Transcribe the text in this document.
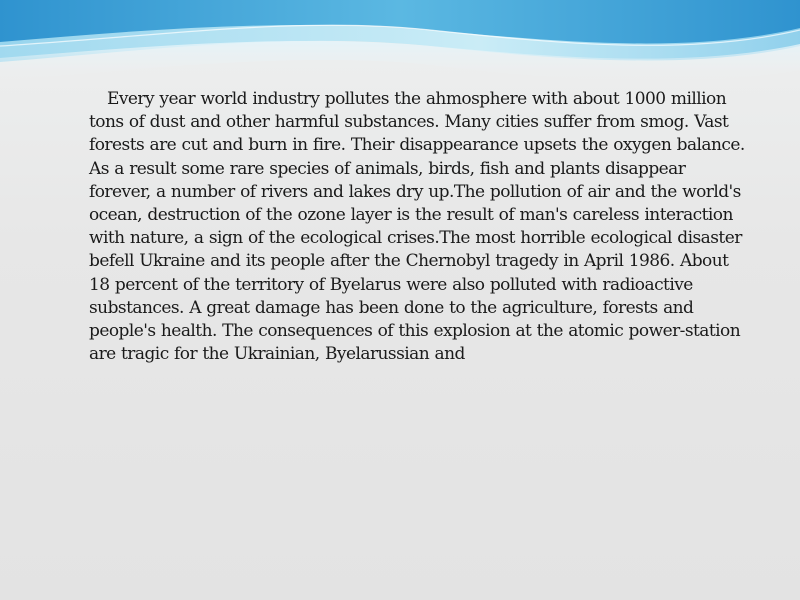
Every year world industry pollutes the ahmosphere with about 1000 million tons of dust and other harmful substances. Many cities suffer from smog. Vast forests are cut and burn in fire. Their disappearance upsets the oxygen balance. As a result some rare species of animals, birds, fish and plants disappear forever, a number of rivers and lakes dry up.The pollution of air and the world's ocean, destruction of the ozone layer is the result of man's careless interaction with nature, a sign of the ecological crises.The most horrible ecological disaster befell Ukraine and its people after the Chernobyl tragedy in April 1986. About 18 percent of the territory of Byelarus were also polluted with radioactive substances. A great damage has been done to the agriculture, forests and people's health. The consequences of this explosion at the atomic power-station are tragic for the Ukrainian, Byelarussian and
